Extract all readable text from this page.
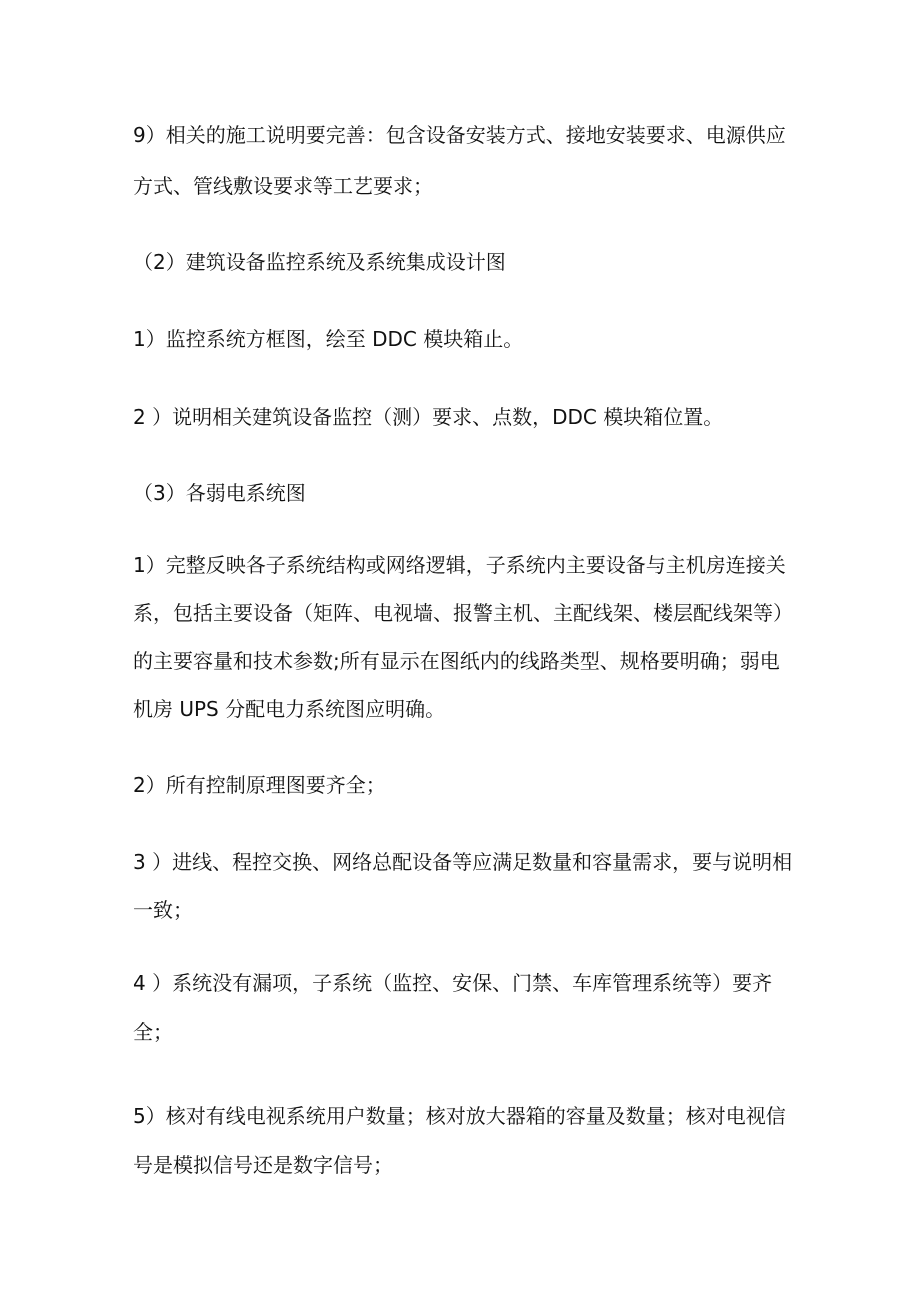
9）相关的施工说明要完善：包含设备安装方式、接地安装要求、电源供应
方式、管线敷设要求等工艺要求；
（2）建筑设备监控系统及系统集成设计图
1）监控系统方框图，绘至 DDC 模块箱止。
2 ）说明相关建筑设备监控（测）要求、点数，DDC 模块箱位置。
（3）各弱电系统图
1）完整反映各子系统结构或网络逻辑，子系统内主要设备与主机房连接关
系，包括主要设备（矩阵、电视墙、报警主机、主配线架、楼层配线架等）
的主要容量和技术参数;所有显示在图纸内的线路类型、规格要明确；弱电
机房 UPS 分配电力系统图应明确。
2）所有控制原理图要齐全；
3 ）进线、程控交换、网络总配设备等应满足数量和容量需求，要与说明相
一致；
4 ）系统没有漏项，子系统（监控、安保、门禁、车库管理系统等）要齐
全；
5）核对有线电视系统用户数量；核对放大器箱的容量及数量；核对电视信
号是模拟信号还是数字信号；
